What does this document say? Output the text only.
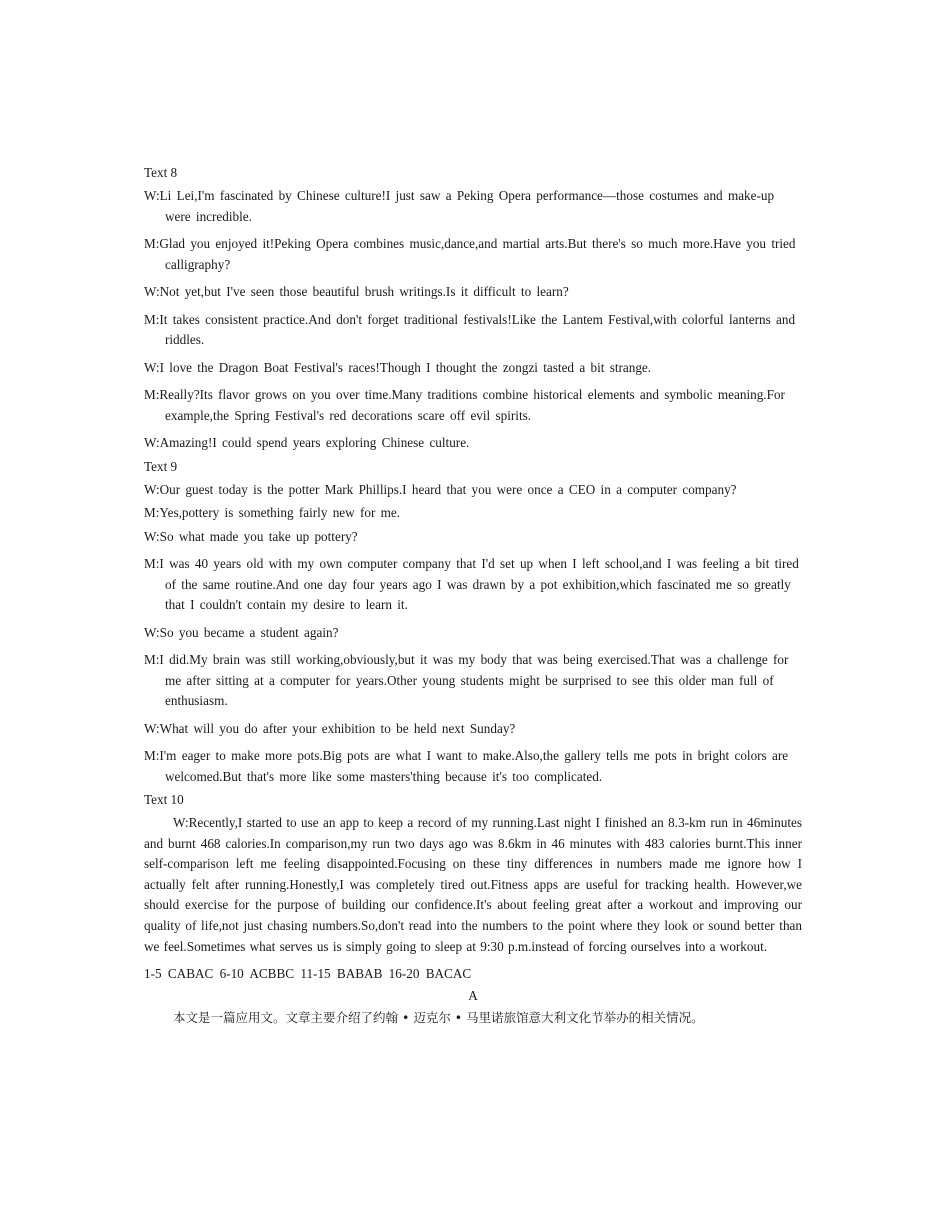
Text 8
W:Li Lei,I'm fascinated by Chinese culture!I just saw a Peking Opera performance—those costumes and make-up were incredible.
M:Glad you enjoyed it!Peking Opera combines music,dance,and martial arts.But there's so much more.Have you tried calligraphy?
W:Not yet,but I've seen those beautiful brush writings.Is it difficult to learn?
M:It takes consistent practice.And don't forget traditional festivals!Like the Lantem Festival,with colorful lanterns and riddles.
W:I love the Dragon Boat Festival's races!Though I thought the zongzi tasted a bit strange.
M:Really?Its flavor grows on you over time.Many traditions combine historical elements and symbolic meaning.For example,the Spring Festival's red decorations scare off evil spirits.
W:Amazing!I could spend years exploring Chinese culture.
Text 9
W:Our guest today is the potter Mark Phillips.I heard that you were once a CEO in a computer company?
M:Yes,pottery is something fairly new for me.
W:So what made you take up pottery?
M:I was 40 years old with my own computer company that I'd set up when I left school,and I was feeling a bit tired of the same routine.And one day four years ago I was drawn by a pot exhibition,which fascinated me so greatly that I couldn't contain my desire to learn it.
W:So you became a student again?
M:I did.My brain was still working,obviously,but it was my body that was being exercised.That was a challenge for me after sitting at a computer for years.Other young students might be surprised to see this older man full of enthusiasm.
W:What will you do after your exhibition to be held next Sunday?
M:I'm eager to make more pots.Big pots are what I want to make.Also,the gallery tells me pots in bright colors are welcomed.But that's more like some masters'thing because it's too complicated.
Text 10
W:Recently,I started to use an app to keep a record of my running.Last night I finished an 8.3-km run in 46minutes and burnt 468 calories.In comparison,my run two days ago was 8.6km in 46 minutes with 483 calories burnt.This inner self-comparison left me feeling disappointed.Focusing on these tiny differences in numbers made me ignore how I actually felt after running.Honestly,I was completely tired out.Fitness apps are useful for tracking health. However,we should exercise for the purpose of building our confidence.It's about feeling great after a workout and improving our quality of life,not just chasing numbers.So,don't read into the numbers to the point where they look or sound better than we feel.Sometimes what serves us is simply going to sleep at 9:30 p.m.instead of forcing ourselves into a workout.
1-5 CABAC 6-10 ACBBC 11-15 BABAB 16-20 BACAC
A
本文是一篇应用文。文章主要介绍了约翰 • 迈克尔 • 马里诺旅馆意大利文化节举办的相关情况。
